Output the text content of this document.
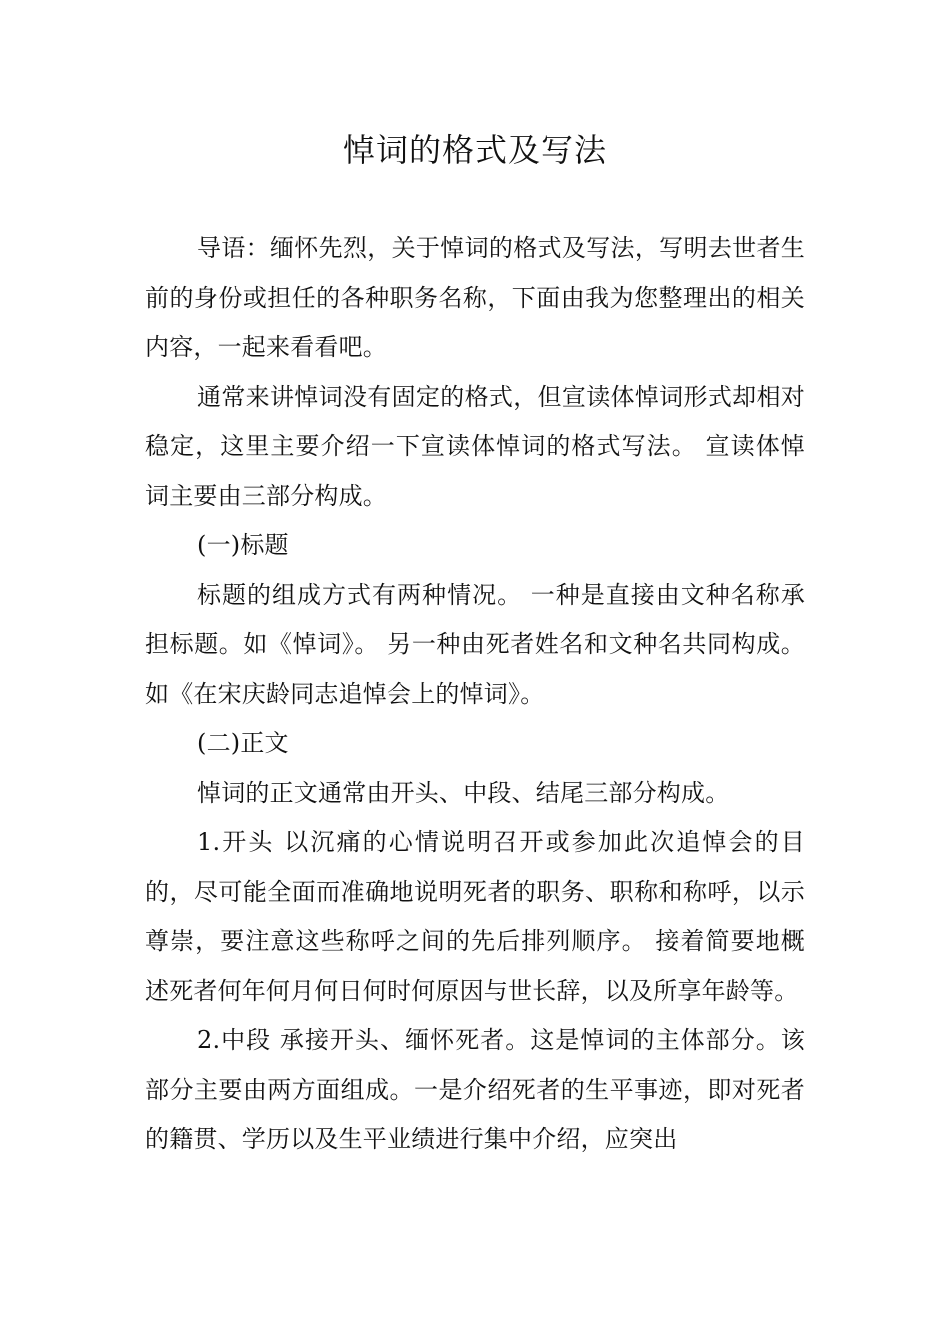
悼词的格式及写法

导语：缅怀先烈，关于悼词的格式及写法，写明去世者生前的身份或担任的各种职务名称，下面由我为您整理出的相关内容，一起来看看吧。

通常来讲悼词没有固定的格式，但宣读体悼词形式却相对稳定，这里主要介绍一下宣读体悼词的格式写法。 宣读体悼词主要由三部分构成。

(一)标题

标题的组成方式有两种情况。 一种是直接由文种名称承担标题。如《悼词》。 另一种由死者姓名和文种名共同构成。如《在宋庆龄同志追悼会上的悼词》。

(二)正文

悼词的正文通常由开头、中段、结尾三部分构成。

1.开头 以沉痛的心情说明召开或参加此次追悼会的目的，尽可能全面而准确地说明死者的职务、职称和称呼，以示尊崇，要注意这些称呼之间的先后排列顺序。 接着简要地概述死者何年何月何日何时何原因与世长辞，以及所享年龄等。

2.中段 承接开头、缅怀死者。这是悼词的主体部分。该部分主要由两方面组成。一是介绍死者的生平事迹，即对死者的籍贯、学历以及生平业绩进行集中介绍，应突出
